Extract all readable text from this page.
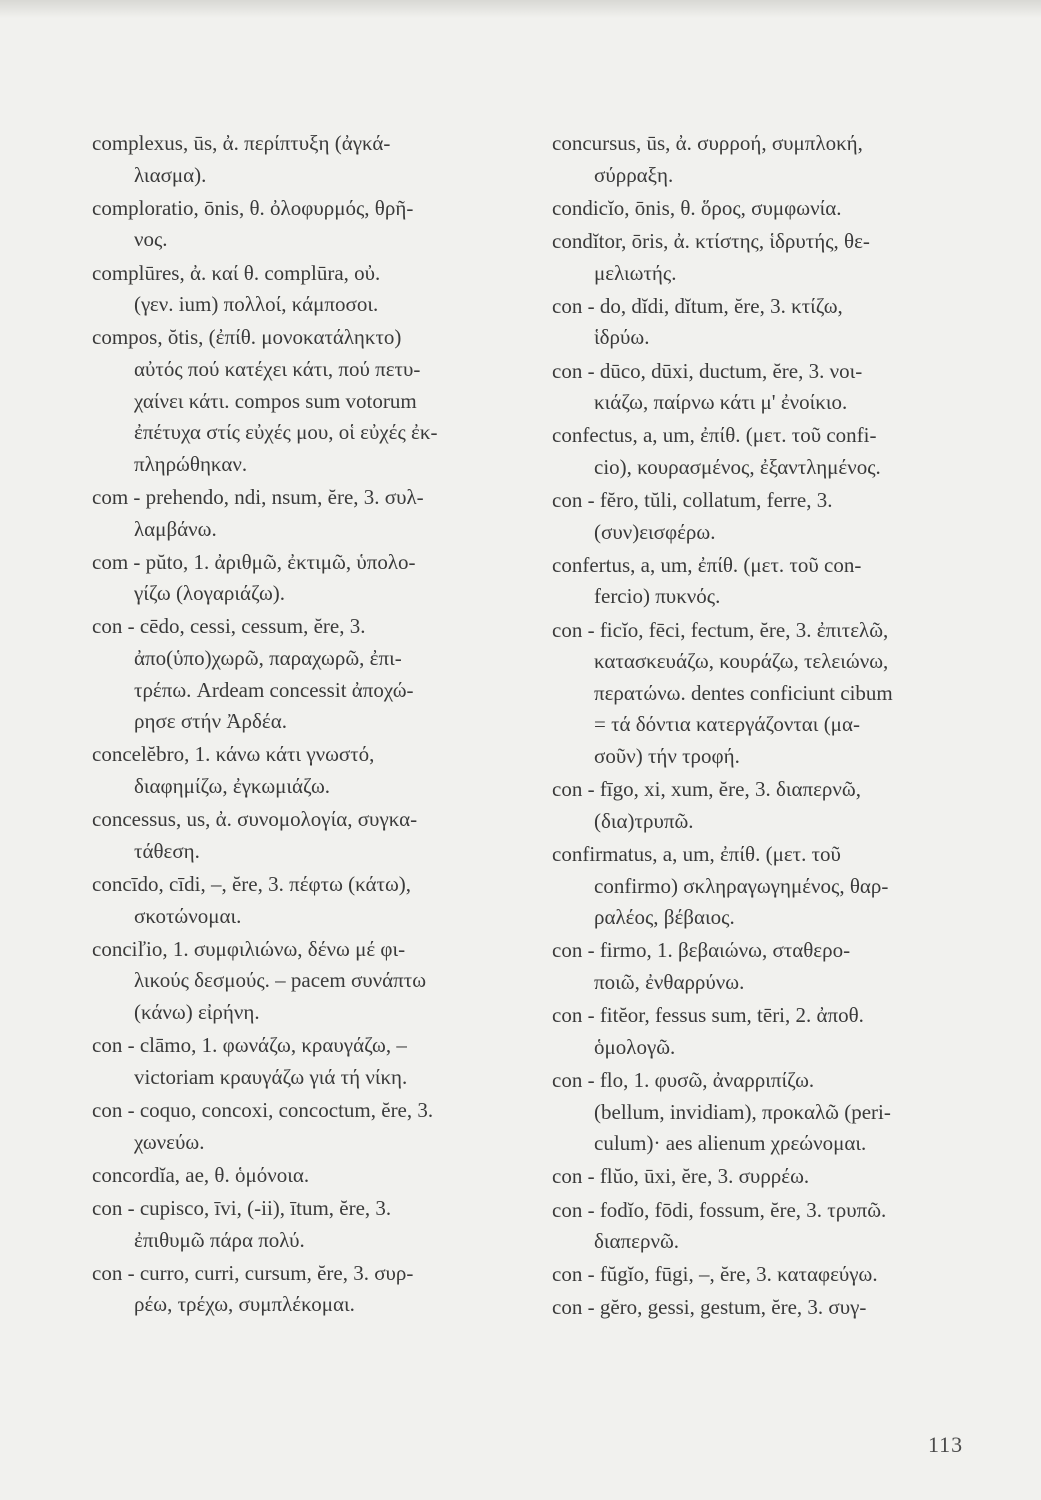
complexus, ūs, ἀ. περίπτυξη (ἀγκά-
λιασμα).
comploratio, ōnis, θ. ὀλοφυρμός, θρῆ-
νος.
complūres, ἀ. καί θ. complūra, οὐ.
(γεν. ium) πολλοί, κάμποσοι.
compos, ŏtis, (ἐπίθ. μονοκατάληκτο)
αὐτός πού κατέχει κάτι, πού πετυ-
χαίνει κάτι. compos sum votorum
ἐπέτυχα στίς εὐχές μου, οἱ εὐχές ἐκ-
πληρώθηκαν.
com - prehendo, ndi, nsum, ĕre, 3. συλ-
λαμβάνω.
com - pŭto, 1. ἀριθμῶ, ἐκτιμῶ, ὑπολο-
γίζω (λογαριάζω).
con - cēdo, cessi, cessum, ĕre, 3.
ἀπο(ὑπο)χωρῶ, παραχωρῶ, ἐπι-
τρέπω. Ardeam concessit ἀποχώ-
ρησε στήν Ἀρδέα.
concelĕbro, 1. κάνω κάτι γνωστό,
διαφημίζω, ἐγκωμιάζω.
concessus, us, ἀ. συνομολογία, συγκα-
τάθεση.
concīdo, cīdi, –, ĕre, 3. πέφτω (κάτω),
σκοτώνομαι.
conciľio, 1. συμφιλιώνω, δένω μέ φι-
λικούς δεσμούς. – pacem συνάπτω
(κάνω) εἰρήνη.
con - clāmo, 1. φωνάζω, κραυγάζω, –
victoriam κραυγάζω γιά τή νίκη.
con - coquo, concoxi, concoctum, ĕre, 3.
χωνεύω.
concordĭa, ae, θ. ὁμόνοια.
con - cupisco, īvi, (-ii), ītum, ĕre, 3.
ἐπιθυμῶ πάρα πολύ.
con - curro, curri, cursum, ĕre, 3. συρ-
ρέω, τρέχω, συμπλέκομαι.
concursus, ūs, ἀ. συρροή, συμπλοκή,
σύρραξη.
condicĭo, ōnis, θ. ὅρος, συμφωνία.
condĭtor, ōris, ἀ. κτίστης, ἱδρυτής, θε-
μελιωτής.
con - do, dĭdi, dĭtum, ĕre, 3. κτίζω,
ἱδρύω.
con - dūco, dūxi, ductum, ĕre, 3. νοι-
κιάζω, παίρνω κάτι μ' ἐνοίκιο.
confectus, a, um, ἐπίθ. (μετ. τοῦ confi-
cio), κουρασμένος, ἐξαντλημένος.
con - fĕro, tŭli, collatum, ferre, 3.
(συν)εισφέρω.
confertus, a, um, ἐπίθ. (μετ. τοῦ con-
fercio) πυκνός.
con - ficĭo, fēci, fectum, ĕre, 3. ἐπιτελῶ,
κατασκευάζω, κουράζω, τελειώνω,
περατώνω. dentes conficiunt cibum
= τά δόντια κατεργάζονται (μα-
σοῦν) τήν τροφή.
con - fīgo, xi, xum, ĕre, 3. διαπερνῶ,
(δια)τρυπῶ.
confirmatus, a, um, ἐπίθ. (μετ. τοῦ
confirmo) σκληραγωγημένος, θαρ-
ραλέος, βέβαιος.
con - firmo, 1. βεβαιώνω, σταθερο-
ποιῶ, ἐνθαρρύνω.
con - fitĕor, fessus sum, tēri, 2. ἀποθ.
ὁμολογῶ.
con - flo, 1. φυσῶ, ἀναρριπίζω.
(bellum, invidiam), προκαλῶ (peri-
culum)· aes alienum χρεώνομαι.
con - flŭo, ūxi, ĕre, 3. συρρέω.
con - fodĭo, fōdi, fossum, ĕre, 3. τρυπῶ.
διαπερνῶ.
con - fŭgĭo, fūgi, –, ĕre, 3. καταφεύγω.
con - gĕro, gessi, gestum, ĕre, 3. συγ-
113
